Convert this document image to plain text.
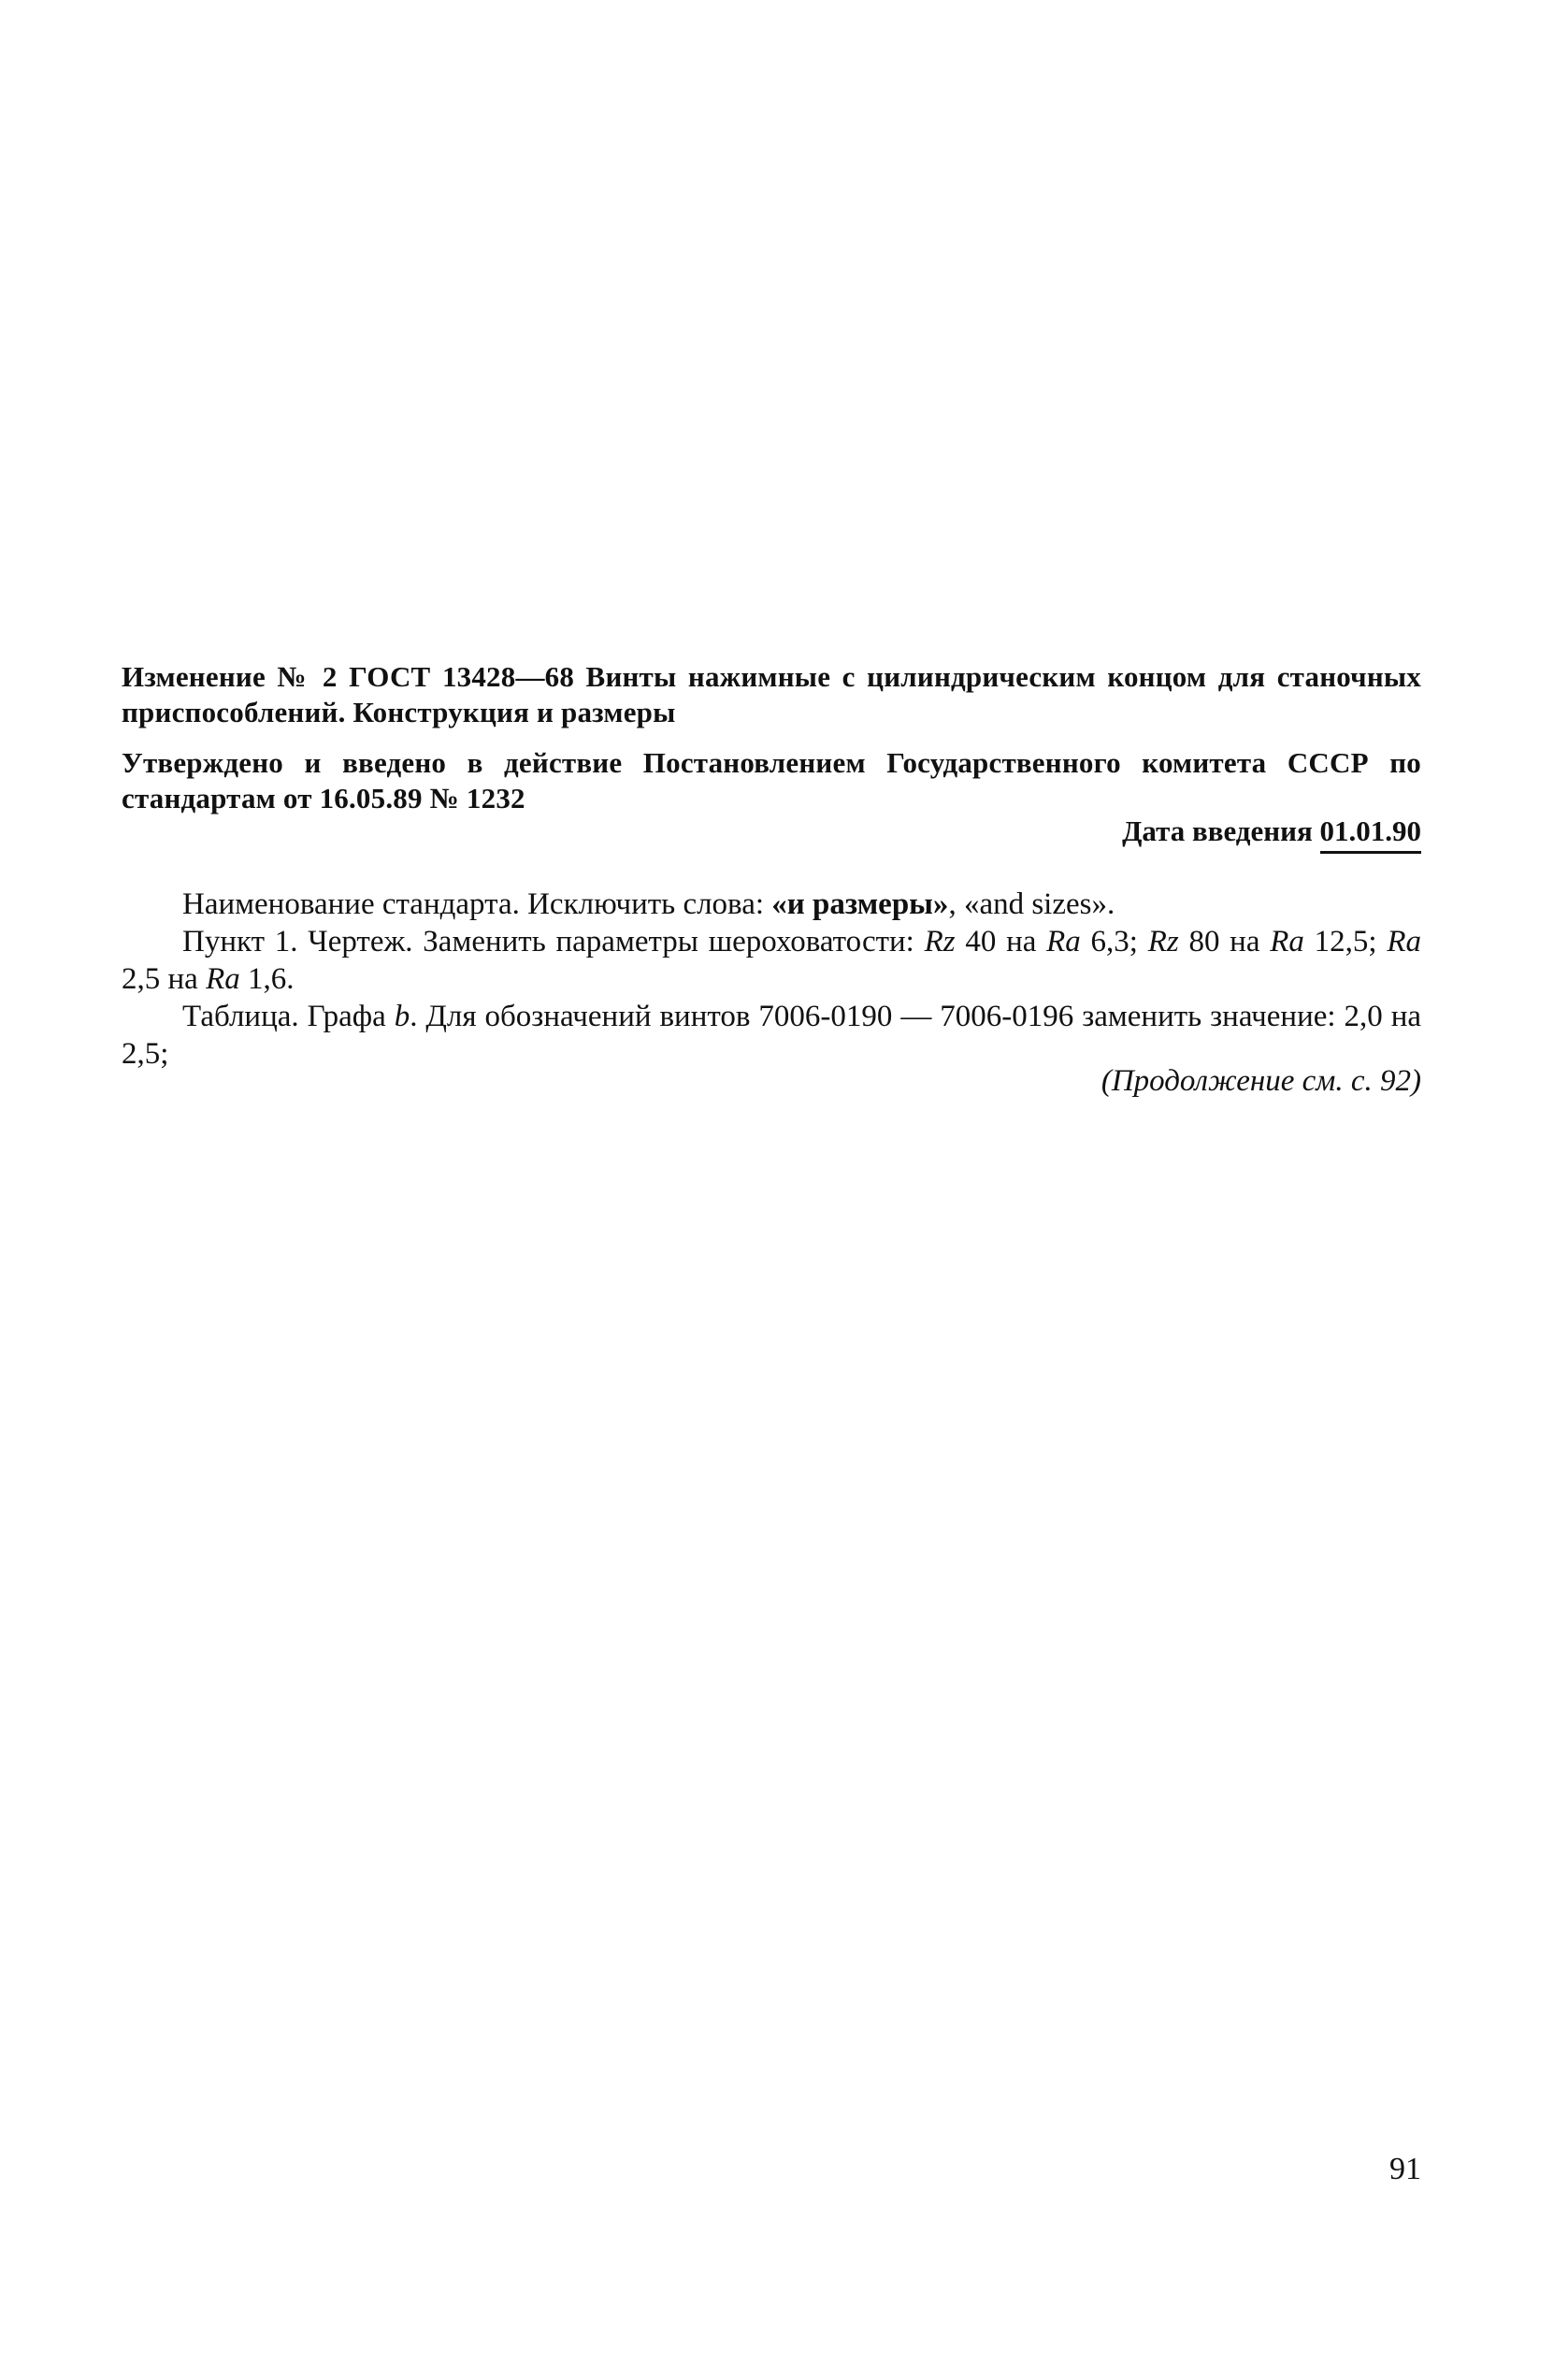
Изменение № 2 ГОСТ 13428—68 Винты нажимные с цилиндрическим концом для станочных приспособлений. Конструкция и размеры
Утверждено и введено в действие Постановлением Государственного комитета СССР по стандартам от 16.05.89 № 1232
Дата введения 01.01.90

Наименование стандарта. Исключить слова: «и размеры», «and sizes».

Пункт 1. Чертеж. Заменить параметры шероховатости: Rz 40 на Ra 6,3; Rz 80 на Ra 12,5; Ra 2,5 на Ra 1,6.

Таблица. Графа b. Для обозначений винтов 7006-0190 — 7006-0196 заменить значение: 2,0 на 2,5;

(Продолжение см. с. 92)
91
